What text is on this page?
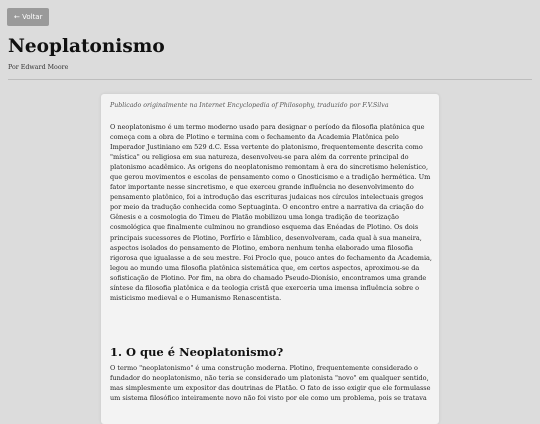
← Voltar
Neoplatonismo
Por Edward Moore
Publicado originalmente na Internet Encyclopedia of Philosophy, traduzido por F.V.Silva

O neoplatonismo é um termo moderno usado para designar o período da filosofia platônica que começa com a obra de Plotino e termina com o fechamento da Academia Platônica pelo Imperador Justiniano em 529 d.C. Essa vertente do platonismo, frequentemente descrita como "mística" ou religiosa em sua natureza, desenvolveu-se para além da corrente principal do platonismo acadêmico. As origens do neoplatonismo remontam à era do sincretismo helenístico, que gerou movimentos e escolas de pensamento como o Gnosticismo e a tradição hermética. Um fator importante nesse sincretismo, e que exerceu grande influência no desenvolvimento do pensamento platônico, foi a introdução das escrituras judaicas nos círculos intelectuais gregos por meio da tradução conhecida como Septuaginta. O encontro entre a narrativa da criação do Gênesis e a cosmologia do Timeu de Platão mobilizou uma longa tradição de teorização cosmológica que finalmente culminou no grandioso esquema das Enéadas de Plotino. Os dois principais sucessores de Plotino, Porfírio e Iâmblico, desenvolveram, cada qual à sua maneira, aspectos isolados do pensamento de Plotino, embora nenhum tenha elaborado uma filosofia rigorosa que igualasse a de seu mestre. Foi Proclo que, pouco antes do fechamento da Academia, legou ao mundo uma filosofia platônica sistemática que, em certos aspectos, aproximou-se da sofisticação de Plotino. Por fim, na obra do chamado Pseudo-Dionísio, encontramos uma grande síntese da filosofia platônica e da teologia cristã que exerceria uma imensa influência sobre o misticismo medieval e o Humanismo Renascentista.

1. O que é Neoplatonismo?

O termo "neoplatonismo" é uma construção moderna. Plotino, frequentemente considerado o fundador do neoplatonismo, não teria se considerado um platonista "novo" em qualquer sentido, mas simplesmente um expositor das doutrinas de Platão. O fato de isso exigir que ele formulasse um sistema filosófico inteiramente novo não foi visto por ele como um problema, pois se tratava
